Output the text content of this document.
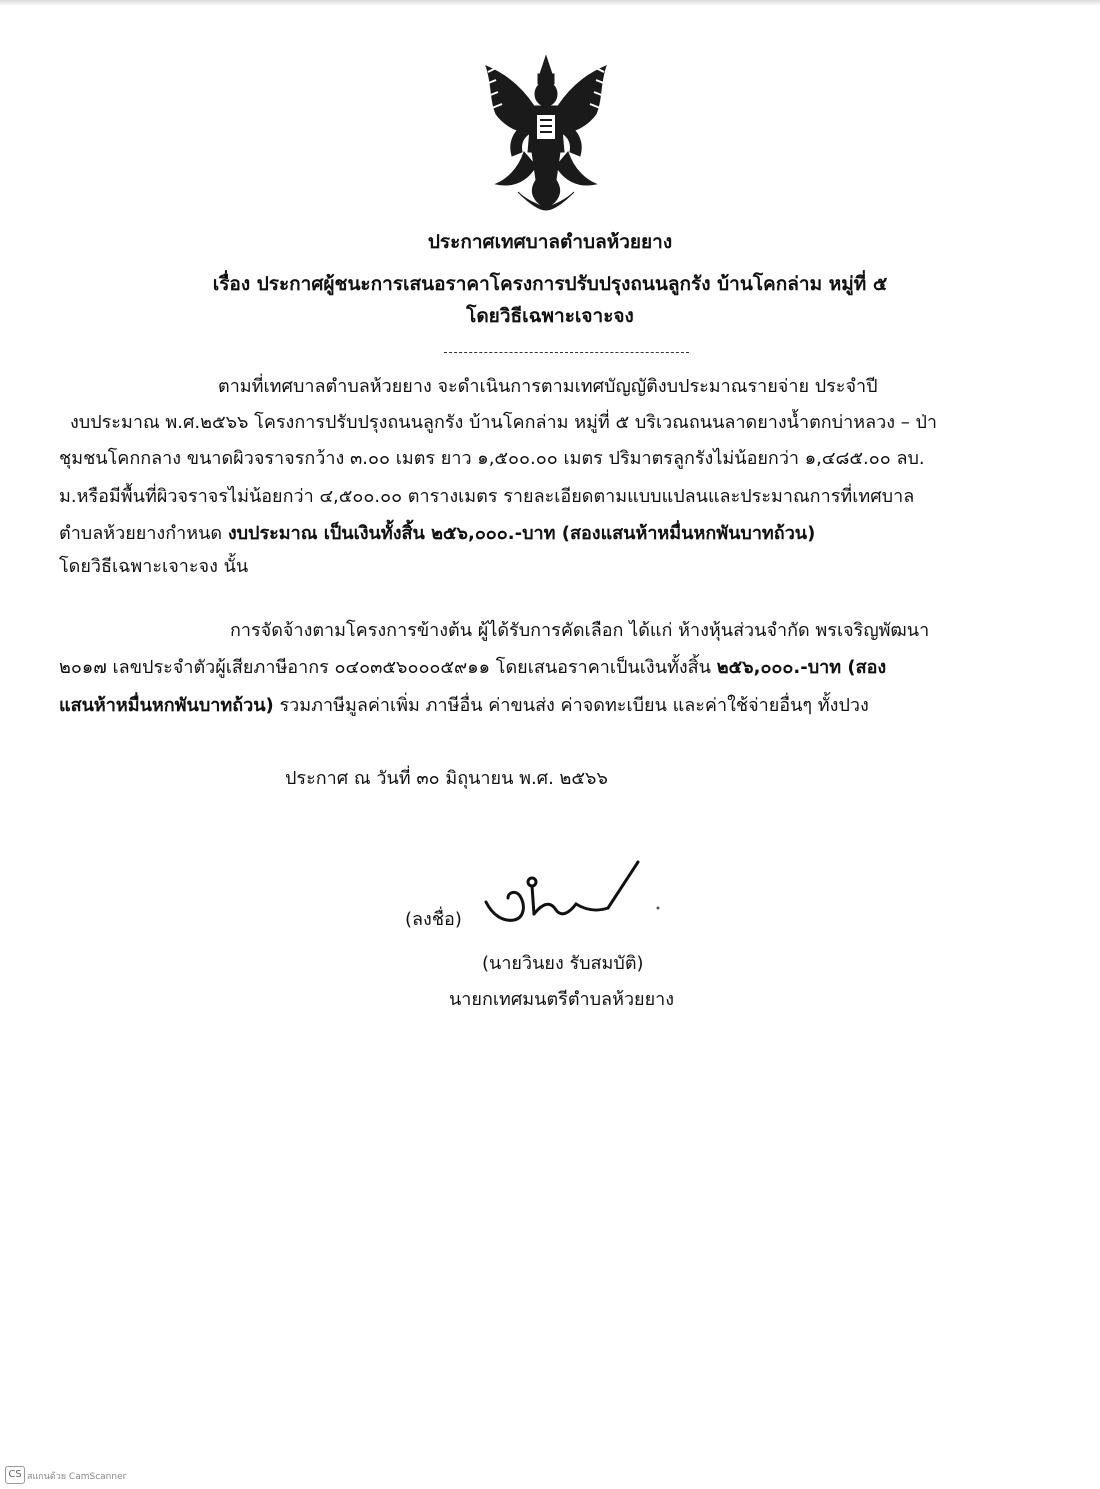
ประกาศเทศบาลตำบลห้วยยาง
เรื่อง ประกาศผู้ชนะการเสนอราคาโครงการปรับปรุงถนนลูกรัง บ้านโคกล่าม หมู่ที่ ๕
โดยวิธีเฉพาะเจาะจง
ตามที่เทศบาลตำบลห้วยยาง จะดำเนินการตามเทศบัญญัติงบประมาณรายจ่าย ประจำปี
งบประมาณ พ.ศ.๒๕๖๖ โครงการปรับปรุงถนนลูกรัง บ้านโคกล่าม หมู่ที่ ๕ บริเวณถนนลาดยางน้ำตกบ่าหลวง – ป่า
ชุมชนโคกกลาง ขนาดผิวจราจรกว้าง ๓.๐๐ เมตร ยาว ๑,๕๐๐.๐๐ เมตร ปริมาตรลูกรังไม่น้อยกว่า ๑,๔๘๕.๐๐ ลบ.
ม.หรือมีพื้นที่ผิวจราจรไม่น้อยกว่า ๔,๕๐๐.๐๐ ตารางเมตร รายละเอียดตามแบบแปลนและประมาณการที่เทศบาล
ตำบลห้วยยางกำหนด งบประมาณ เป็นเงินทั้งสิ้น ๒๕๖,๐๐๐.-บาท (สองแสนห้าหมื่นหกพันบาทถ้วน)
โดยวิธีเฉพาะเจาะจง นั้น
การจัดจ้างตามโครงการข้างต้น ผู้ได้รับการคัดเลือก ได้แก่ ห้างหุ้นส่วนจำกัด พรเจริญพัฒนา
๒๐๑๗ เลขประจำตัวผู้เสียภาษีอากร ๐๔๐๓๕๖๐๐๐๕๙๑๑ โดยเสนอราคาเป็นเงินทั้งสิ้น ๒๕๖,๐๐๐.-บาท (สอง
แสนห้าหมื่นหกพันบาทถ้วน) รวมภาษีมูลค่าเพิ่ม ภาษีอื่น ค่าขนส่ง ค่าจดทะเบียน และค่าใช้จ่ายอื่นๆ ทั้งปวง
ประกาศ ณ วันที่ ๓๐ มิถุนายน พ.ศ. ๒๕๖๖
(ลงชื่อ)
(นายวินยง รับสมบัติ)
นายกเทศมนตรีตำบลห้วยยาง
CS สแกนด้วย CamScanner
